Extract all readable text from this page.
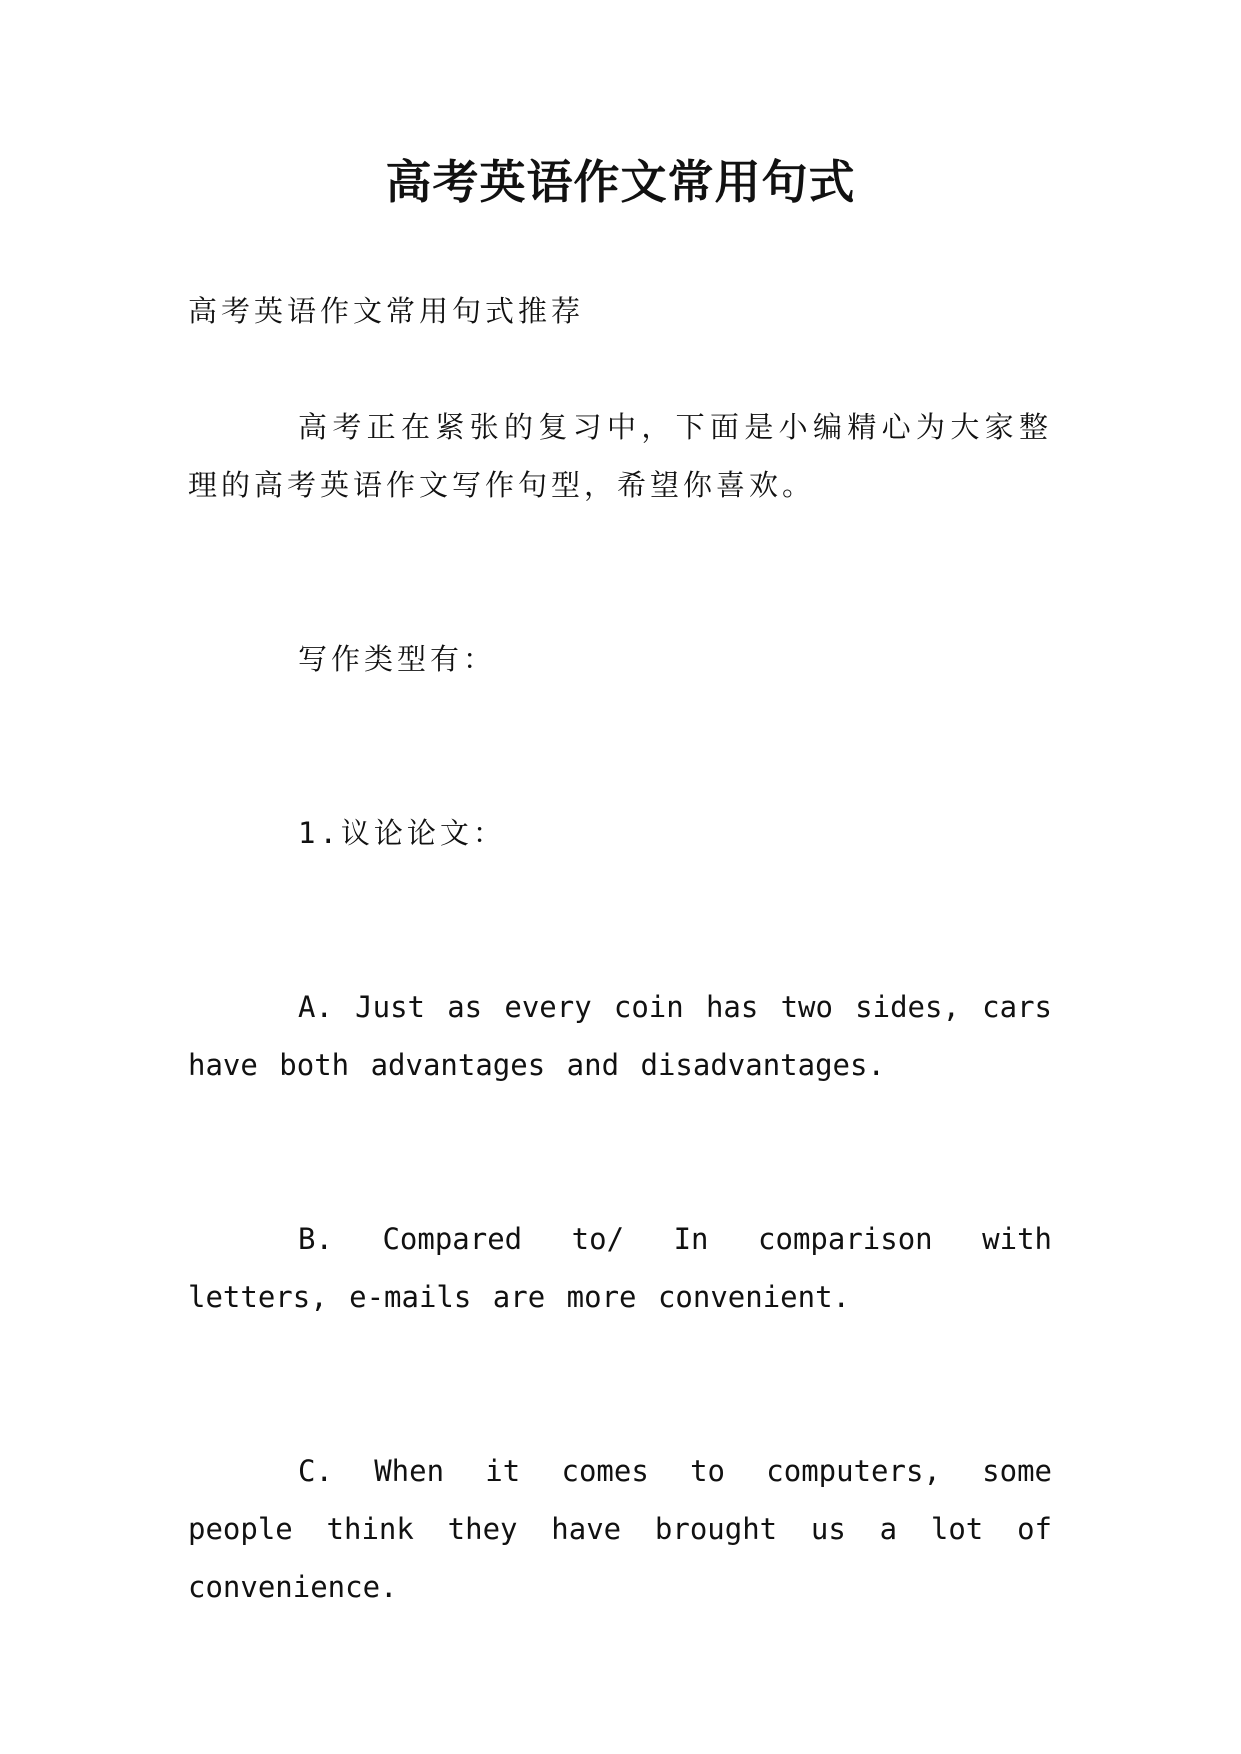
高考英语作文常用句式

高考英语作文常用句式推荐

高考正在紧张的复习中，下面是小编精心为大家整理的高考英语作文写作句型，希望你喜欢。

写作类型有：

1.议论论文：

A. Just as every coin has two sides, cars have both advantages and disadvantages.

B. Compared to/ In comparison with letters, e-mails are more convenient.

C. When it comes to computers, some people think they have brought us a lot of convenience.
